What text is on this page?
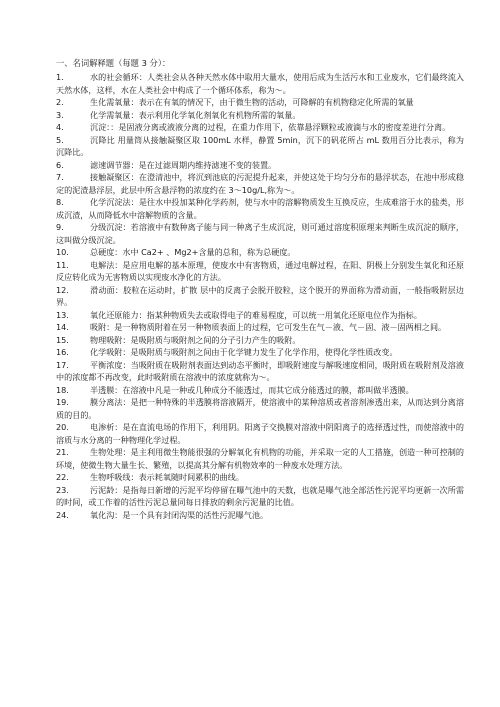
一、名词解释题（每题 3 分）：
1.	水的社会循环：人类社会从各种天然水体中取用大量水，使用后成为生活污水和工业废水，它们最终流入天然水体，这样，水在人类社会中构成了一个循环体系，称为～。
2.	生化需氧量：表示在有氧的情况下，由于微生物的活动，可降解的有机物稳定化所需的氧量
3.	化学需氧量：表示利用化学氧化剂氧化有机物所需的氧量。
4.	沉淀：：是固液分离或液液分离的过程，在重力作用下，依靠悬浮颗粒或液滴与水的密度差进行分离。
5.	沉降比 用量筒从接触凝聚区取 100mL 水样，静置 5min，沉下的矾花所占 mL 数用百分比表示，称为沉降比。
6.	滤速调节器：是在过滤周期内维持滤速不变的装置。
7.	接触凝聚区：在澄清池中，将沉到池底的污泥提升起来，并使这处于均匀分布的悬浮状态，在池中形成稳定的泥渣悬浮层，此层中所含悬浮物的浓度约在 3～10g/L,称为～。
8.	化学沉淀法：是往水中投加某种化学药剂，使与水中的溶解物质发生互换反应，生成难溶于水的盐类，形成沉渣，从而降低水中溶解物质的含量。
9.	分级沉淀：若溶液中有数种离子能与同一种离子生成沉淀，则可通过溶度积原理来判断生成沉淀的顺序，这叫做分级沉淀。
10.	总硬度：水中 Ca2+ 、Mg2+含量的总和，称为总硬度。
11.	电解法：是应用电解的基本原理，使废水中有害物质，通过电解过程，在阳、阴极上分别发生氧化和还原反应转化成为无害物质以实现废水净化的方法。
12.	滑动面：胶粒在运动时，扩散 层中的反离子会脱开胶粒，这个脱开的界面称为滑动面，一般指吸附层边界。
13.	氧化还原能力：指某种物质失去或取得电子的难易程度，可以统一用氧化还原电位作为指标。
14.	吸附：是一种物质附着在另一种物质表面上的过程，它可发生在气－液、气－固、液－固两相之间。
15.	物理吸附：是吸附质与吸附剂之间的分子引力产生的吸附。
16.	化学吸附：是吸附质与吸附剂之间由于化学键力发生了化学作用，使得化学性质改变。
17.	平衡浓度：当吸附质在吸附剂表面达到动态平衡时，即吸附速度与解吸速度相同，吸附质在吸附剂及溶液中的浓度都不再改变，此时吸附质在溶液中的浓度就称为～。
18.	半透膜：在溶液中凡是一种或几种成分不能透过，而其它成分能透过的膜，都叫做半透膜。
19.	膜分离法：是把一种特殊的半透膜将溶液隔开，使溶液中的某种溶质或者溶剂渗透出来，从而达到分离溶质的目的。
20.	电渗析：是在直流电场的作用下，利用阴。阳离子交换膜对溶液中阴阳离子的选择透过性，而使溶液中的溶质与水分离的一种物理化学过程。
21.	生物处理：是主利用微生物能很强的分解氧化有机物的功能，并采取一定的人工措施，创造一种可控制的环境，使微生物大量生长、繁殖，以提高其分解有机物效率的一种废水处理方法。
22.	生物呼吸线：表示耗氧随时间累积的曲线。
23.	污泥龄：是指每日新增的污泥平均停留在曝气池中的天数，也就是曝气池全部活性污泥平均更新一次所需的时间，或工作着的活性污泥总量同每日排放的剩余污泥量的比值。
24.	氧化沟：是一个具有封闭沟渠的活性污泥曝气池。
